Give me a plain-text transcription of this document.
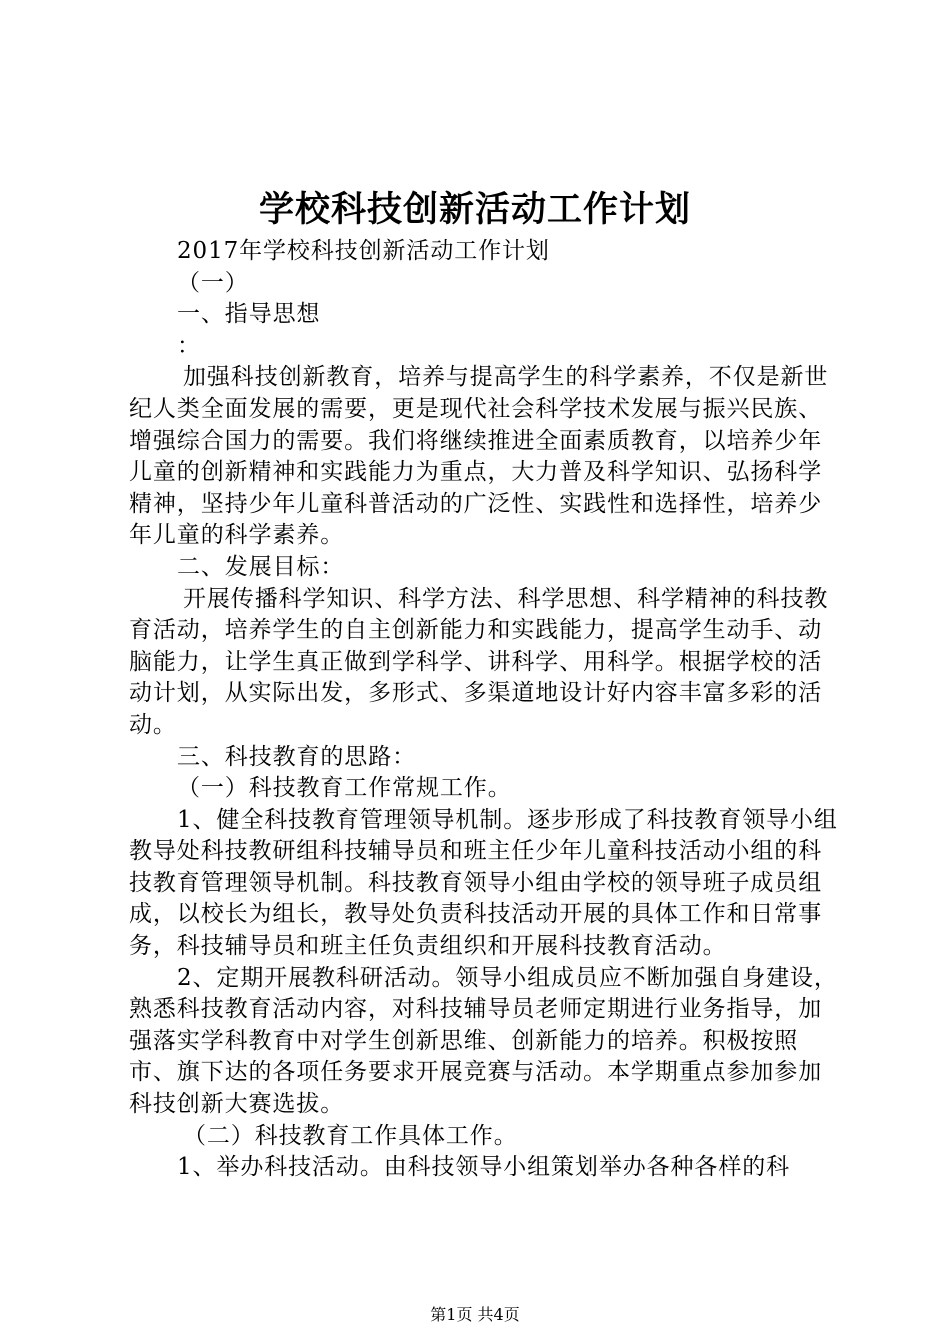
学校科技创新活动工作计划

2017年学校科技创新活动工作计划

（一）

一、指导思想

：

加强科技创新教育，培养与提高学生的科学素养，不仅是新世纪人类全面发展的需要，更是现代社会科学技术发展与振兴民族、增强综合国力的需要。我们将继续推进全面素质教育，以培养少年儿童的创新精神和实践能力为重点，大力普及科学知识、弘扬科学精神，坚持少年儿童科普活动的广泛性、实践性和选择性，培养少年儿童的科学素养。

二、发展目标：

开展传播科学知识、科学方法、科学思想、科学精神的科技教育活动，培养学生的自主创新能力和实践能力，提高学生动手、动脑能力，让学生真正做到学科学、讲科学、用科学。根据学校的活动计划，从实际出发，多形式、多渠道地设计好内容丰富多彩的活动。

三、科技教育的思路：

（一）科技教育工作常规工作。

1、健全科技教育管理领导机制。逐步形成了科技教育领导小组教导处科技教研组科技辅导员和班主任少年儿童科技活动小组的科技教育管理领导机制。科技教育领导小组由学校的领导班子成员组成，以校长为组长，教导处负责科技活动开展的具体工作和日常事务，科技辅导员和班主任负责组织和开展科技教育活动。

2、定期开展教科研活动。领导小组成员应不断加强自身建设，熟悉科技教育活动内容，对科技辅导员老师定期进行业务指导，加强落实学科教育中对学生创新思维、创新能力的培养。积极按照市、旗下达的各项任务要求开展竞赛与活动。本学期重点参加参加科技创新大赛选拔。

（二）科技教育工作具体工作。

1、举办科技活动。由科技领导小组策划举办各种各样的科

第1页 共4页
